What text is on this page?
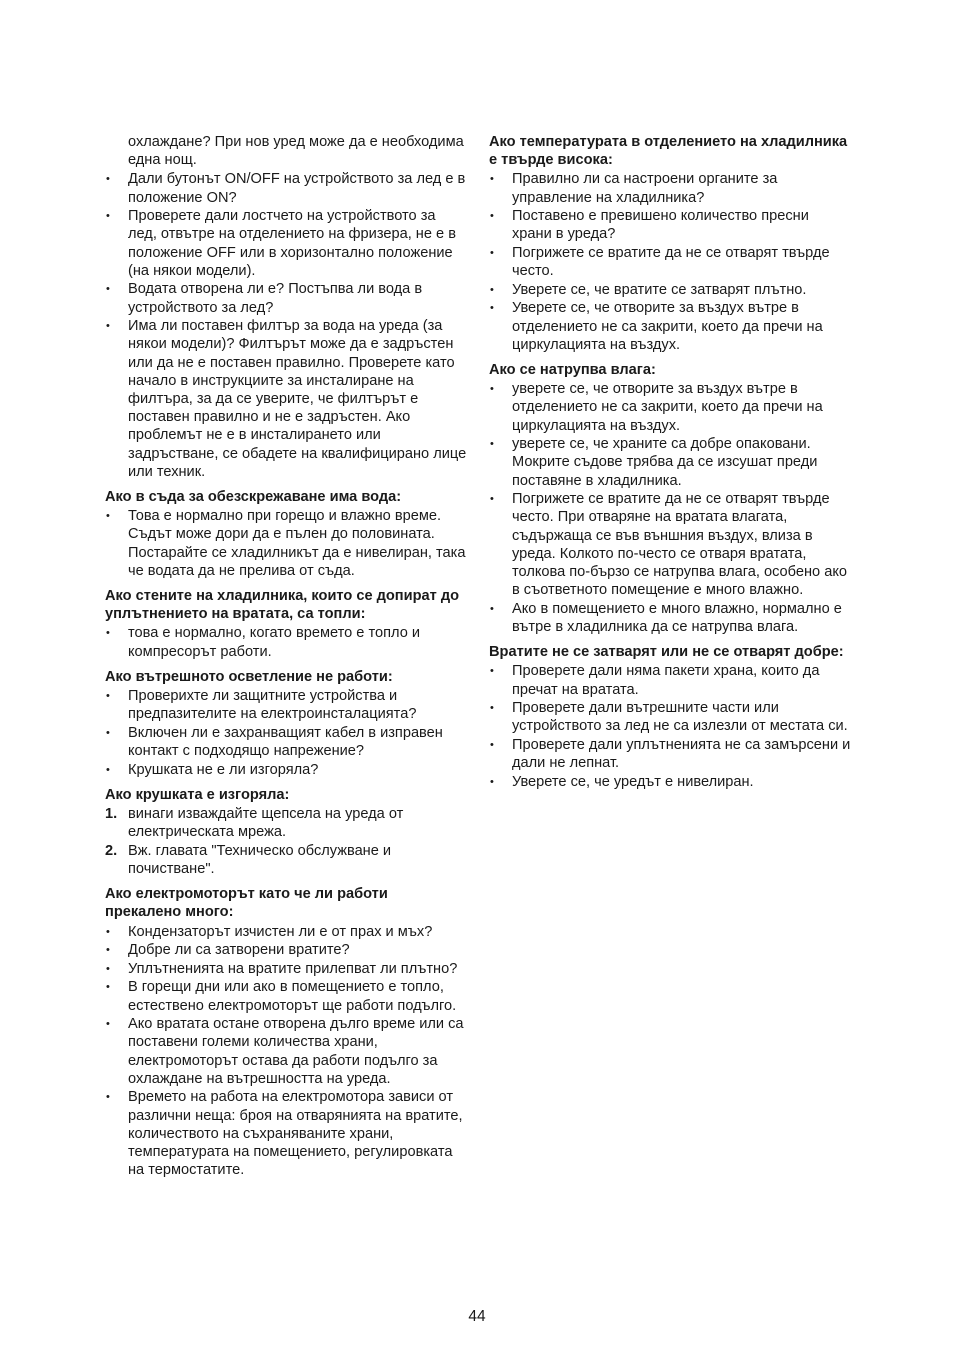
охлаждане? При нов уред може да е необходима една нощ.

• Дали бутонът ON/OFF на устройството за лед е в положение ON?
• Проверете дали лостчето на устройството за лед, отвътре на отделението на фризера, не е в положение OFF или в хоризонтално положение (на някои модели).
• Водата отворена ли е? Постъпва ли вода в устройството за лед?
• Има ли поставен филтър за вода на уреда (за някои модели)? Филтърът може да е задръстен или да не е поставен правилно. Проверете като начало в инструкциите за инсталиране на филтъра, за да се уверите, че филтърът е поставен правилно и не е задръстен. Ако проблемът не е в инсталирането или задръстване, се обадете на квалифицирано лице или техник.
Ако в съда за обезскрежаване има вода:
• Това е нормално при горещо и влажно време. Съдът може дори да е пълен до половината. Постарайте се хладилникът да е нивелиран, така че водата да не прелива от съда.
Ако стените на хладилника, които се допират до уплътнението на вратата, са топли:
• това е нормално, когато времето е топло и компресорът работи.
Ако вътрешното осветление не работи:
• Проверихте ли защитните устройства и предпазителите на електроинсталацията?
• Включен ли е захранващият кабел в изправен контакт с подходящо напрежение?
• Крушката не е ли изгоряла?
Ако крушката е изгоряла:
1. винаги изваждайте щепсела на уреда от електрическата мрежа.
2. Вж. главата "Техническо обслужване и почистване".
Ако електромоторът като че ли работи прекалено много:
• Кондензаторът изчистен ли е от прах и мъх?
• Добре ли са затворени вратите?
• Уплътненията на вратите прилепват ли плътно?
• В горещи дни или ако в помещението е топло, естествено електромоторът ще работи подълго.
• Ако вратата остане отворена дълго време или са поставени големи количества храни, електромоторът остава да работи подълго за охлаждане на вътрешността на уреда.
• Времето на работа на електромотора зависи от различни неща: броя на отварянията на вратите, количеството на съхраняваните храни, температурата на помещението, регулировката на термостатите.
Ако температурата в отделението на хладилника е твърде висока:
• Правилно ли са настроени органите за управление на хладилника?
• Поставено е превишено количество пресни храни в уреда?
• Погрижете се вратите да не се отварят твърде често.
• Уверете се, че вратите се затварят плътно.
• Уверете се, че отворите за въздух вътре в отделението не са закрити, което да пречи на циркулацията на въздух.
Ако се натрупва влага:
• уверете се, че отворите за въздух вътре в отделението не са закрити, което да пречи на циркулацията на въздух.
• уверете се, че храните са добре опаковани. Мокрите съдове трябва да се изсушат преди поставяне в хладилника.
• Погрижете се вратите да не се отварят твърде често. При отваряне на вратата влагата, съдържаща се във външния въздух, влиза в уреда. Колкото по-често се отваря вратата, толкова по-бързо се натрупва влага, особено ако в съответното помещение е много влажно.
• Ако в помещението е много влажно, нормално е вътре в хладилника да се натрупва влага.
Вратите не се затварят или не се отварят добре:
• Проверете дали няма пакети храна, които да пречат на вратата.
• Проверете дали вътрешните части или устройството за лед не са излезли от местата си.
• Проверете дали уплътненията не са замърсени и дали не лепнат.
• Уверете се, че уредът е нивелиран.
44
